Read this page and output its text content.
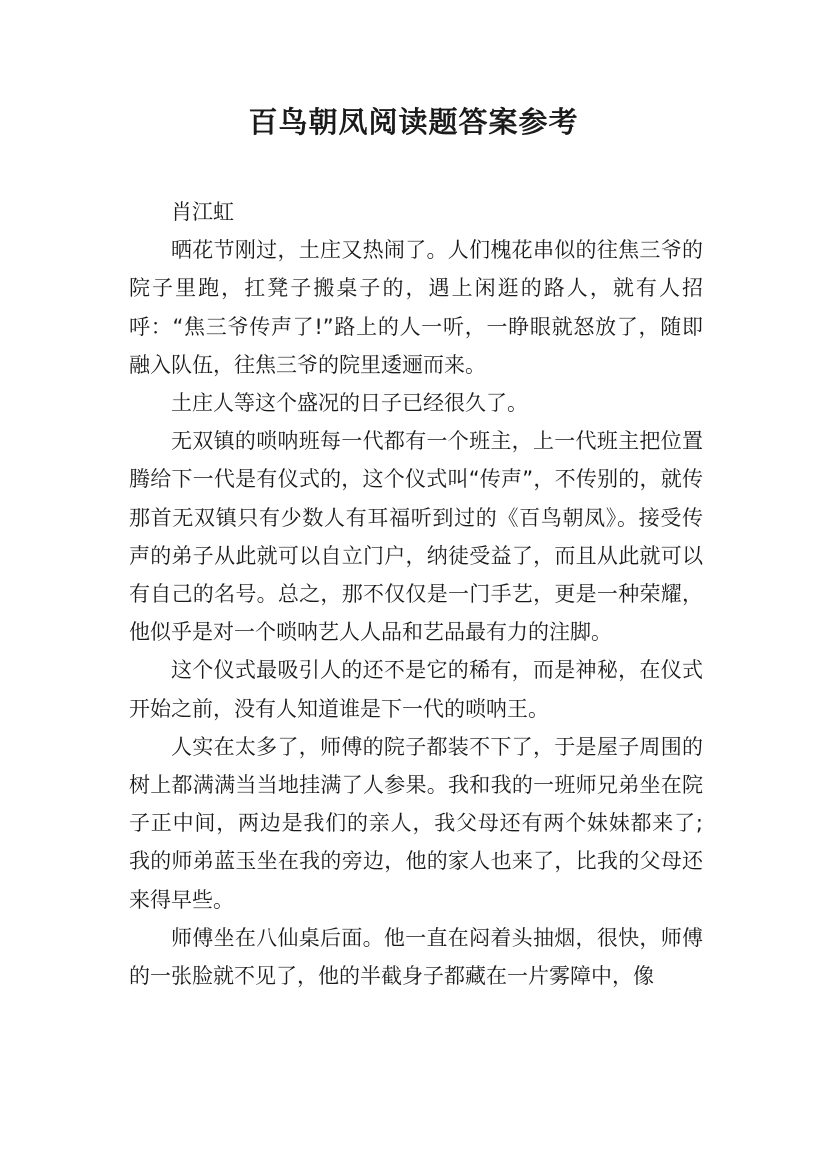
百鸟朝凤阅读题答案参考

肖江虹

晒花节刚过，土庄又热闹了。人们槐花串似的往焦三爷的院子里跑，扛凳子搬桌子的，遇上闲逛的路人，就有人招呼：“焦三爷传声了!”路上的人一听，一睁眼就怒放了，随即融入队伍，往焦三爷的院里逶逦而来。

土庄人等这个盛况的日子已经很久了。

无双镇的唢呐班每一代都有一个班主，上一代班主把位置腾给下一代是有仪式的，这个仪式叫“传声”，不传别的，就传那首无双镇只有少数人有耳福听到过的《百鸟朝凤》。接受传声的弟子从此就可以自立门户，纳徒受益了，而且从此就可以有自己的名号。总之，那不仅仅是一门手艺，更是一种荣耀，他似乎是对一个唢呐艺人人品和艺品最有力的注脚。

这个仪式最吸引人的还不是它的稀有，而是神秘，在仪式开始之前，没有人知道谁是下一代的唢呐王。

人实在太多了，师傅的院子都装不下了，于是屋子周围的树上都满满当当地挂满了人参果。我和我的一班师兄弟坐在院子正中间，两边是我们的亲人，我父母还有两个妹妹都来了;我的师弟蓝玉坐在我的旁边，他的家人也来了，比我的父母还来得早些。

师傅坐在八仙桌后面。他一直在闷着头抽烟，很快，师傅的一张脸就不见了，他的半截身子都藏在一片雾障中，像
